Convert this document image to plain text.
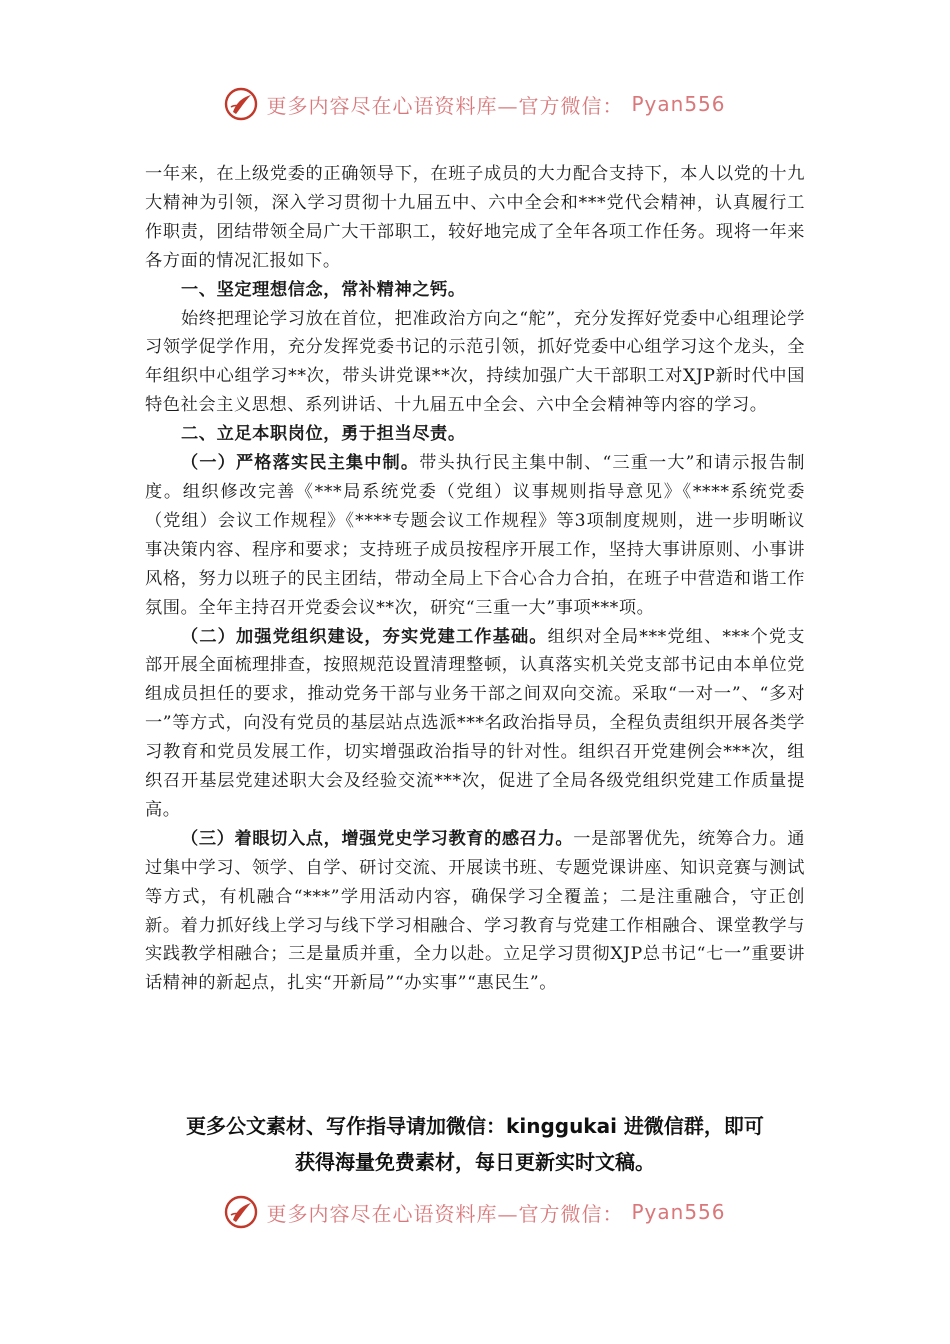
更多内容尽在心语资料库—官方微信： Pyan556

一年来，在上级党委的正确领导下，在班子成员的大力配合支持下，本人以党的十九大精神为引领，深入学习贯彻十九届五中、六中全会和***党代会精神，认真履行工作职责，团结带领全局广大干部职工，较好地完成了全年各项工作任务。现将一年来各方面的情况汇报如下。

一、坚定理想信念，常补精神之钙。

始终把理论学习放在首位，把准政治方向之“舵”，充分发挥好党委中心组理论学习领学促学作用，充分发挥党委书记的示范引领，抓好党委中心组学习这个龙头，全年组织中心组学习**次，带头讲党课**次，持续加强广大干部职工对XJP新时代中国特色社会主义思想、系列讲话、十九届五中全会、六中全会精神等内容的学习。

二、立足本职岗位，勇于担当尽责。

（一）严格落实民主集中制。带头执行民主集中制、“三重一大”和请示报告制度。组织修改完善《***局系统党委（党组）议事规则指导意见》《****系统党委（党组）会议工作规程》《****专题会议工作规程》等3项制度规则，进一步明晰议事决策内容、程序和要求；支持班子成员按程序开展工作，坚持大事讲原则、小事讲风格，努力以班子的民主团结，带动全局上下合心合力合拍，在班子中营造和谐工作氛围。全年主持召开党委会议**次，研究“三重一大”事项***项。

（二）加强党组织建设，夯实党建工作基础。组织对全局***党组、***个党支部开展全面梳理排查，按照规范设置清理整顿，认真落实机关党支部书记由本单位党组成员担任的要求，推动党务干部与业务干部之间双向交流。采取“一对一”、“多对一”等方式，向没有党员的基层站点选派***名政治指导员，全程负责组织开展各类学习教育和党员发展工作，切实增强政治指导的针对性。组织召开党建例会***次，组织召开基层党建述职大会及经验交流***次，促进了全局各级党组织党建工作质量提高。

（三）着眼切入点，增强党史学习教育的感召力。一是部署优先，统筹合力。通过集中学习、领学、自学、研讨交流、开展读书班、专题党课讲座、知识竞赛与测试等方式，有机融合“***”学用活动内容，确保学习全覆盖；二是注重融合，守正创新。着力抓好线上学习与线下学习相融合、学习教育与党建工作相融合、课堂教学与实践教学相融合；三是量质并重，全力以赴。立足学习贯彻XJP总书记“七一”重要讲话精神的新起点，扎实“开新局”“办实事”“惠民生”。

更多公文素材、写作指导请加微信：kinggukai 进微信群，即可
获得海量免费素材，每日更新实时文稿。
更多内容尽在心语资料库—官方微信： Pyan556
